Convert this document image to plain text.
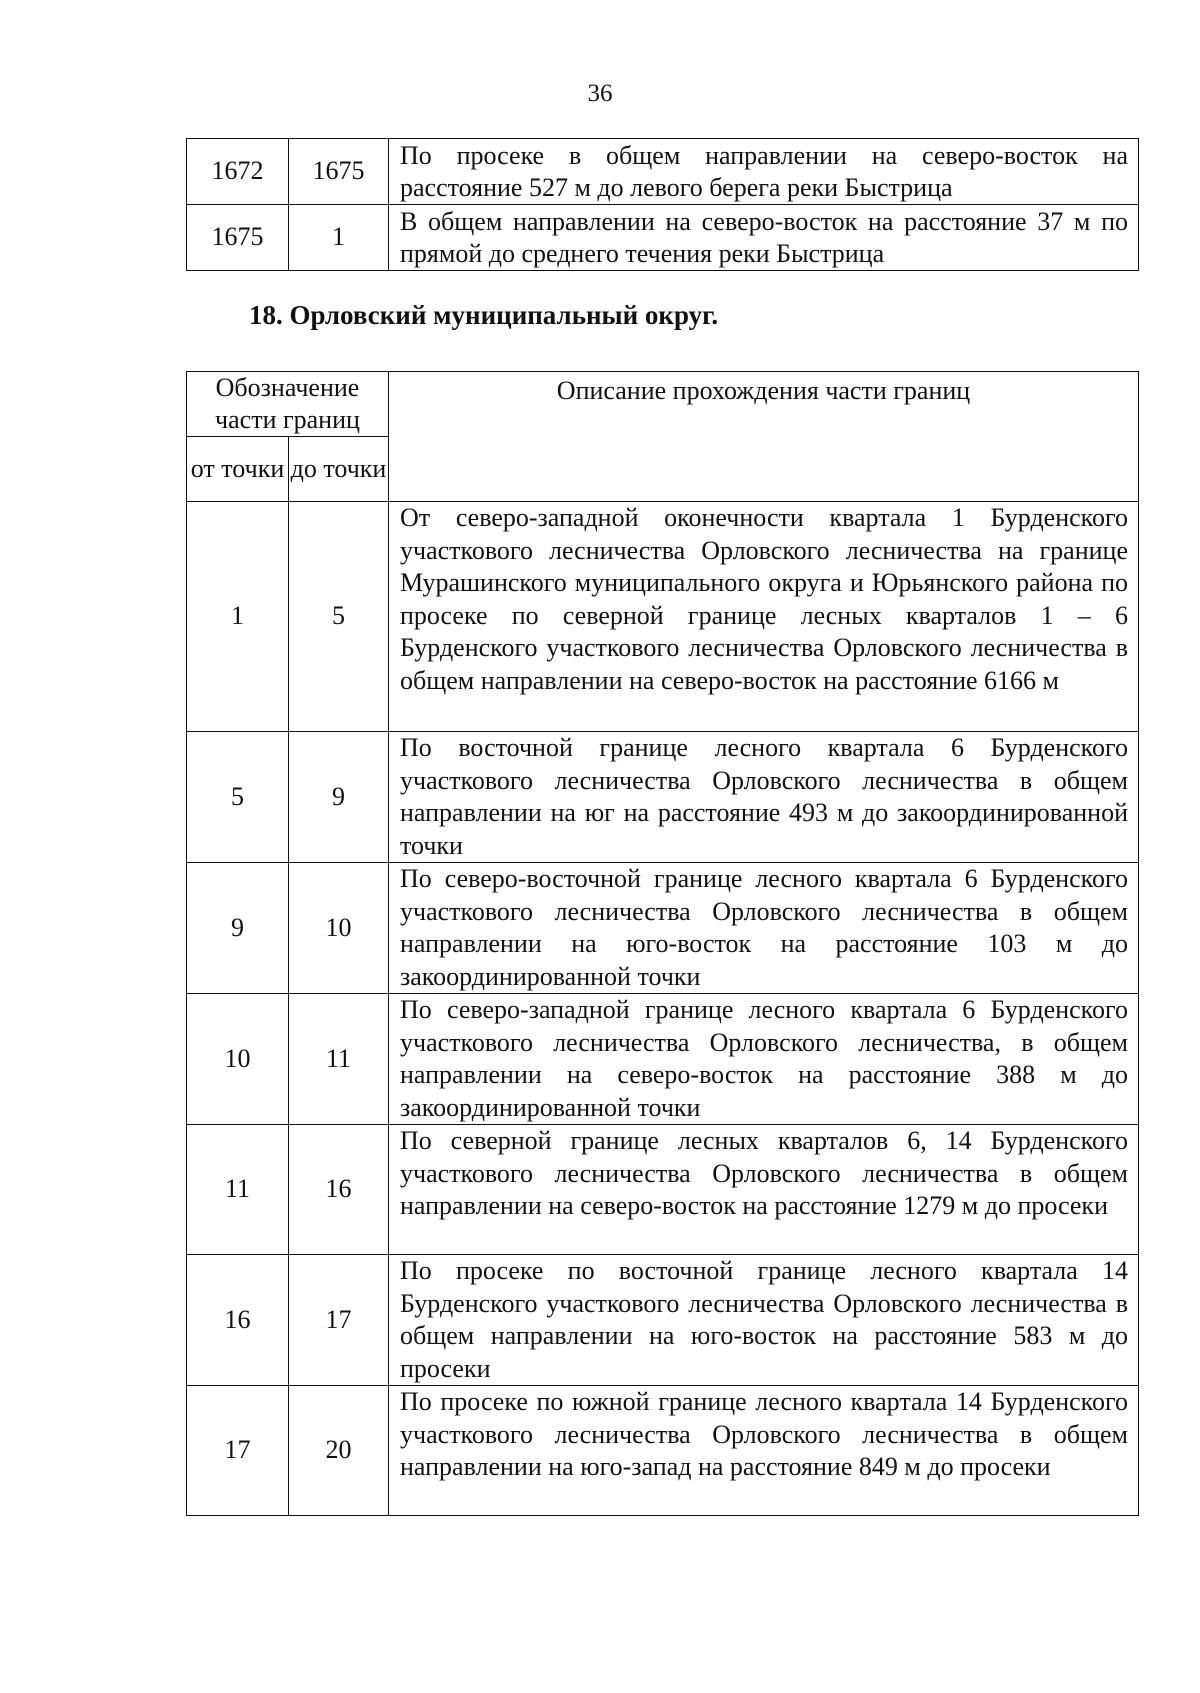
36
1672	1675	По просеке в общем направлении на северо-восток на расстояние 527 м до левого берега реки Быстрица
1675	1	В общем направлении на северо-восток на расстояние 37 м по прямой до среднего течения реки Быстрица
18. Орловский муниципальный округ.
Обозначение части границ		Описание прохождения части границ
от точки	до точки	
1	5	От северо-западной оконечности квартала 1 Бурденского участкового лесничества Орловского лесничества на границе Мурашинского муниципального округа и Юрьянского района по просеке по северной границе лесных кварталов 1 – 6 Бурденского участкового лесничества Орловского лесничества в общем направлении на северо-восток на расстояние 6166 м
5	9	По восточной границе лесного квартала 6 Бурденского участкового лесничества Орловского лесничества в общем направлении на юг на расстояние 493 м до закоординированной точки
9	10	По северо-восточной границе лесного квартала 6 Бурденского участкового лесничества Орловского лесничества в общем направлении на юго-восток на расстояние 103 м до закоординированной точки
10	11	По северо-западной границе лесного квартала 6 Бурденского участкового лесничества Орловского лесничества, в общем направлении на северо-восток на расстояние 388 м до закоординированной точки
11	16	По северной границе лесных кварталов 6, 14 Бурденского участкового лесничества Орловского лесничества в общем направлении на северо-восток на расстояние 1279 м до просеки
16	17	По просеке по восточной границе лесного квартала 14 Бурденского участкового лесничества Орловского лесничества в общем направлении на юго-восток на расстояние 583 м до просеки
17	20	По просеке по южной границе лесного квартала 14 Бурденского участкового лесничества Орловского лесничества в общем направлении на юго-запад на расстояние 849 м до просеки
